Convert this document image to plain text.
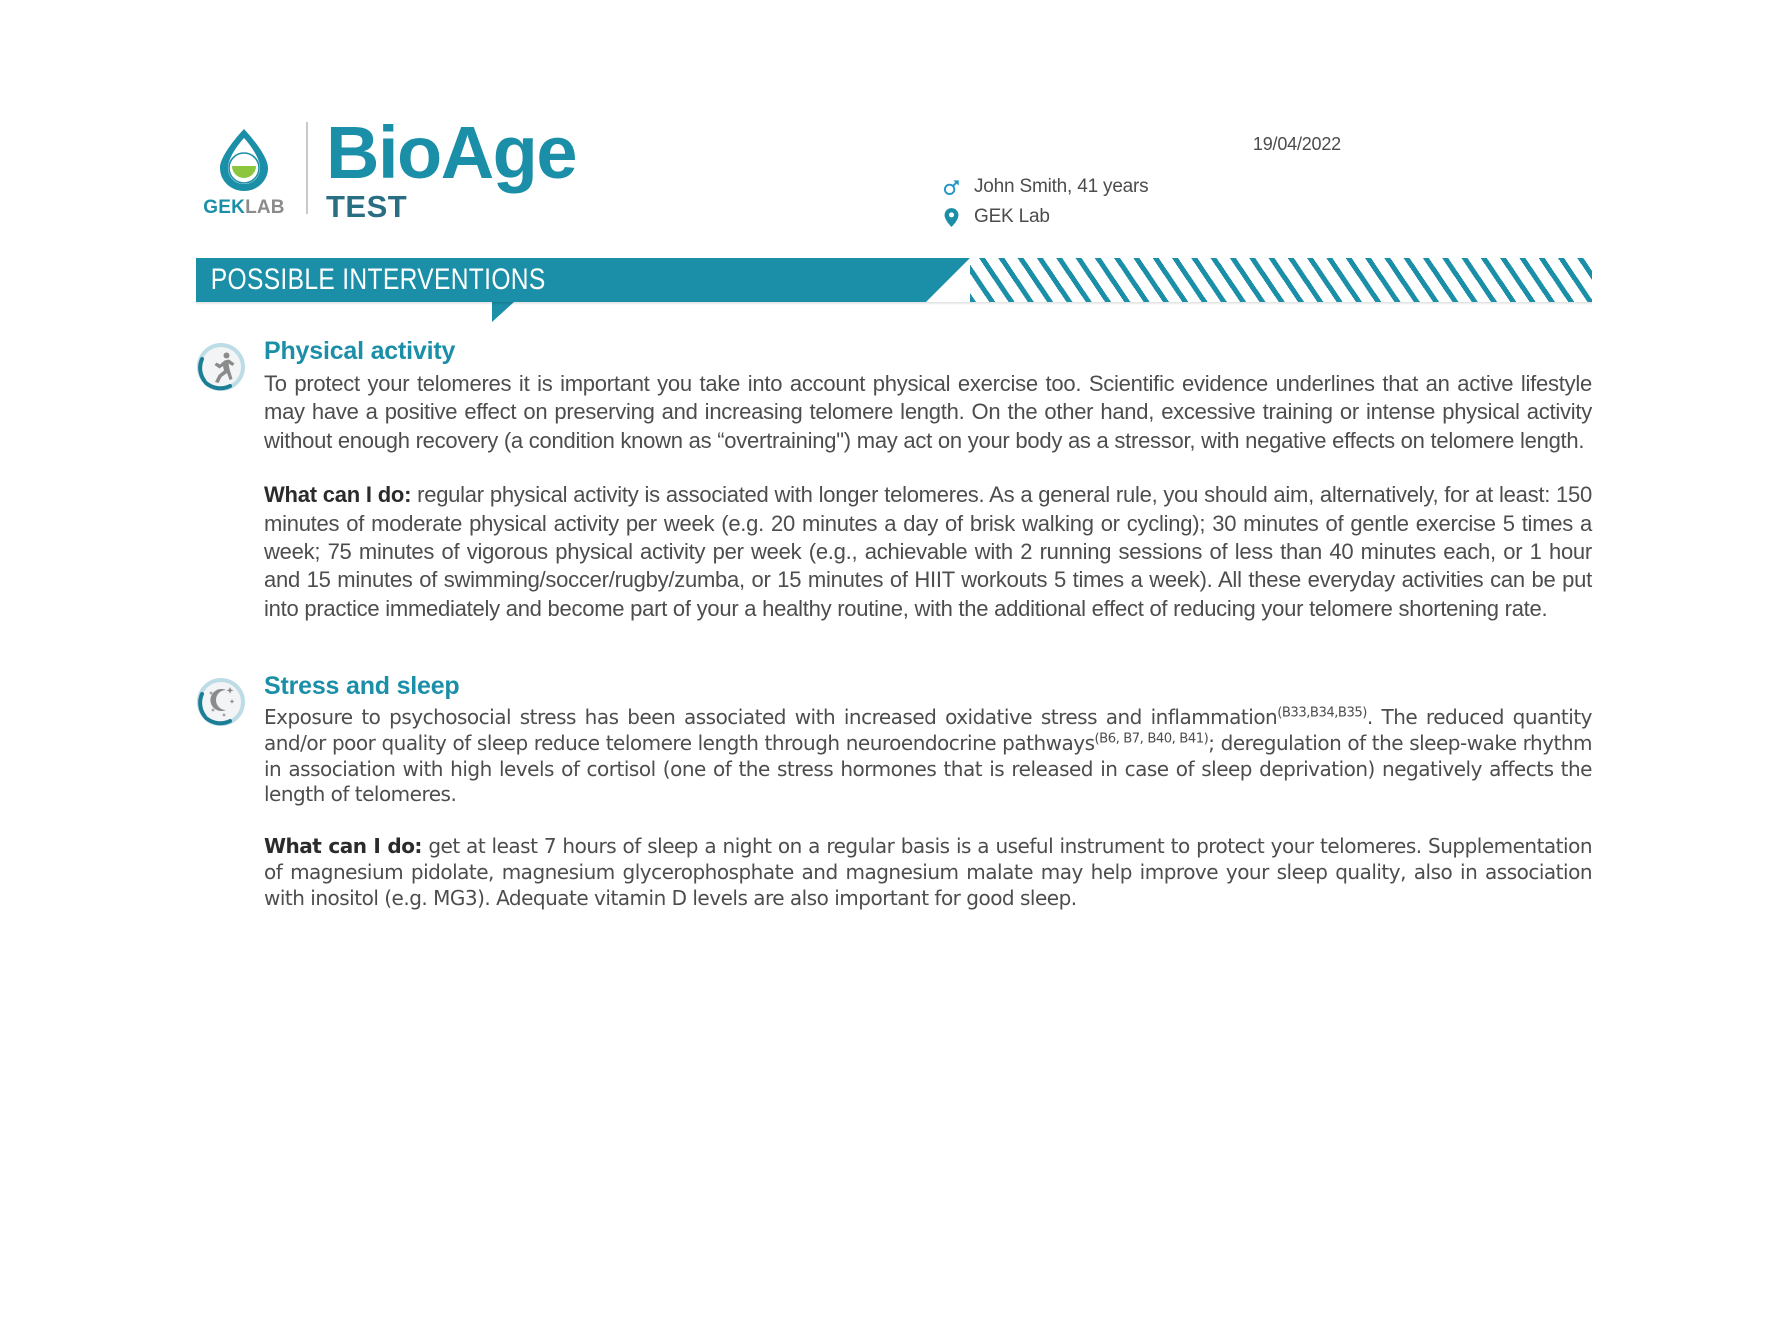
GEKLAB
BioAge
TEST
John Smith, 41 years
GEK Lab
19/04/2022
POSSIBLE INTERVENTIONS
Physical activity

To protect your telomeres it is important you take into account physical exercise too. Scientific evidence underlines that an active lifestyle may have a positive effect on preserving and increasing telomere length. On the other hand, excessive training or intense physical activity without enough recovery (a condition known as “overtraining") may act on your body as a stressor, with negative effects on telomere length.

What can I do: regular physical activity is associated with longer telomeres. As a general rule, you should aim, alternatively, for at least: 150 minutes of moderate physical activity per week (e.g. 20 minutes a day of brisk walking or cycling); 30 minutes of gentle exercise 5 times a week; 75 minutes of vigorous physical activity per week (e.g., achievable with 2 running sessions of less than 40 minutes each, or 1 hour and 15 minutes of swimming/soccer/rugby/zumba, or 15 minutes of HIIT workouts 5 times a week). All these everyday activities can be put into practice immediately and become part of your a healthy routine, with the additional effect of reducing your telomere shortening rate.

Stress and sleep

Exposure to psychosocial stress has been associated with increased oxidative stress and inflammation$^{(B33,B34,B35)}$. The reduced quantity and/or poor quality of sleep reduce telomere length through neuroendocrine pathways$^{(B6, B7, B40, B41)}$; deregulation of the sleep-wake rhythm in association with high levels of cortisol (one of the stress hormones that is released in case of sleep deprivation) negatively affects the length of telomeres.

What can I do: get at least 7 hours of sleep a night on a regular basis is a useful instrument to protect your telomeres. Supplementation of magnesium pidolate, magnesium glycerophosphate and magnesium malate may help improve your sleep quality, also in association with inositol (e.g. MG3). Adequate vitamin D levels are also important for good sleep.
